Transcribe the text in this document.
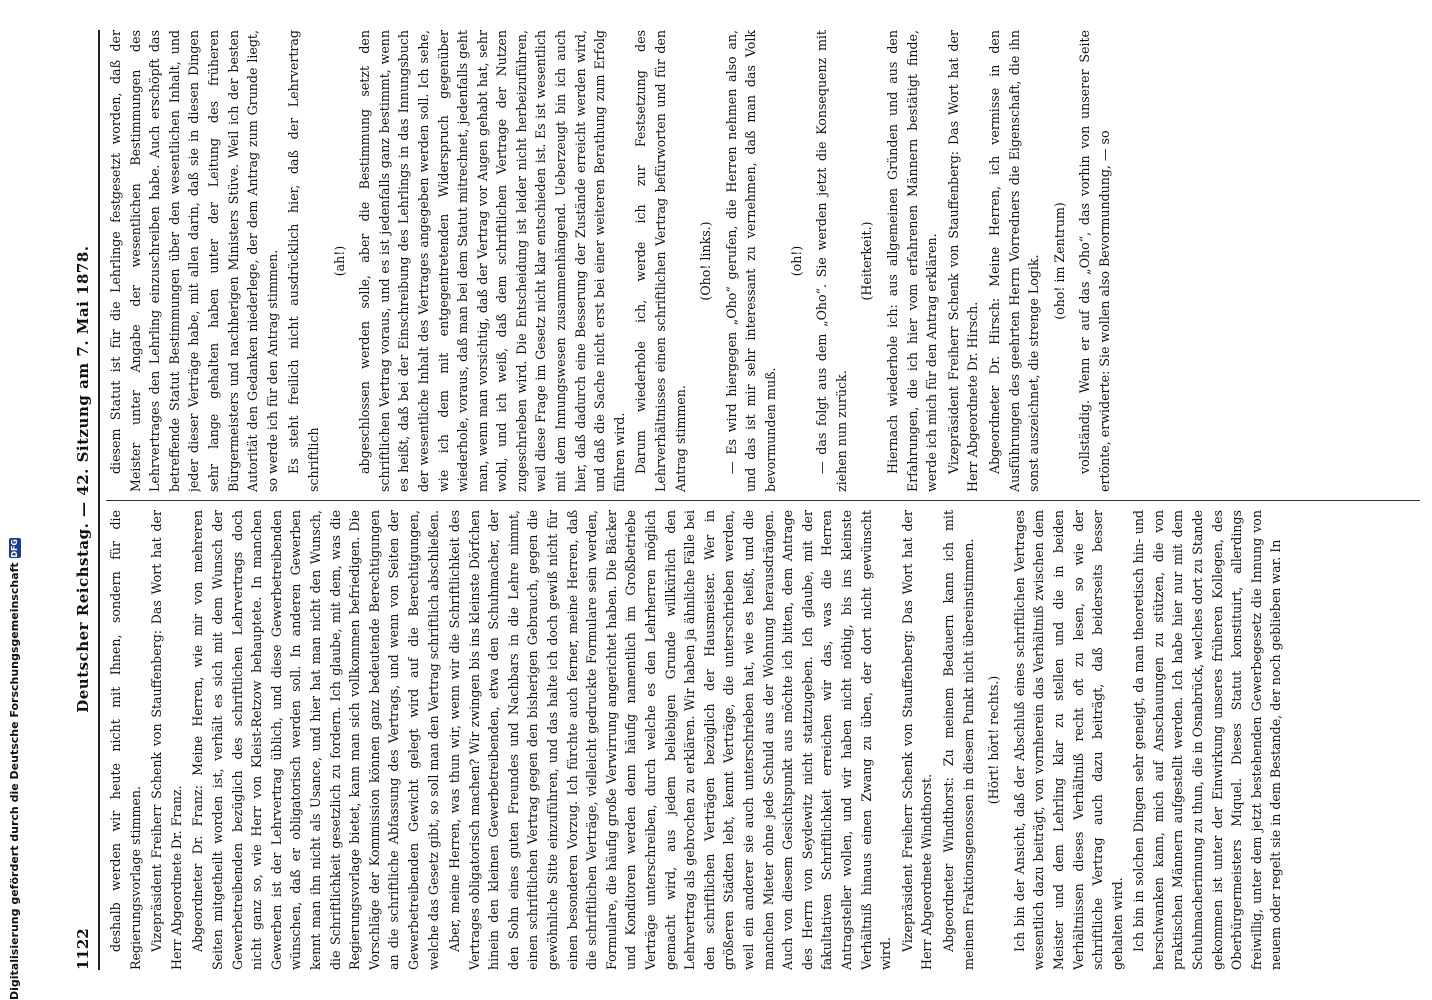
1122
Deutscher Reichstag. — 42. Sitzung am 7. Mai 1878.

deshalb werden wir heute nicht mit Ihnen, sondern für die Regierungsvorlage stimmen. Vizepräsident Freiherr Schenk von Stauffenberg: Das Wort hat der Herr Abgeordnete Dr. Franz. Abgeordneter Dr. Franz: Meine Herren, wie mir von mehreren Seiten mitgetheilt worden ist, verhält es sich mit dem Wunsch der Gewerbetreibenden bezüglich des schriftlichen Lehrvertrags doch nicht ganz so, wie Herr von Kleist-Retzow behauptete. In manchen Gewerben ist der Lehrvertrag üblich, und diese Gewerbetreibenden wünschen, daß er obligatorisch werden soll. In anderen Gewerben kennt man ihn nicht als Usance, und hier hat man nicht den Wunsch, die Schriftlichkeit gesetzlich zu fordern. Ich glaube, mit dem, was die Regierungsvorlage bietet, kann man sich vollkommen befriedigen. Die Vorschläge der Kommission können ganz bedeutende Berechtigungen an die schriftliche Abfassung des Vertrags, und wenn von Seiten der Gewerbetreibenden Gewicht gelegt wird auf die Berechtigungen, welche das Gesetz gibt, so soll man den Vertrag schriftlich abschließen. Aber, meine Herren, was thun wir, wenn wir die Schriftlichkeit des Vertrages obligatorisch machen? Wir zwingen bis ins kleinste Dörfchen hinein den kleinen Gewerbetreibenden, etwa den Schuhmacher, der den Sohn eines guten Freundes und Nachbars in die Lehre nimmt, einen schriftlichen Vertrag gegen den bisherigen Gebrauch, gegen die gewöhnliche Sitte einzuführen, und das halte ich doch gewiß nicht für einen besonderen Vorzug. Ich fürchte auch ferner, meine Herren, daß die schriftlichen Verträge, vielleicht gedruckte Formulare sein werden, Formulare, die häufig große Verwirrung angerichtet haben. Die Bäcker und Konditoren werden denn häufig namentlich im Großbetriebe Verträge unterschreiben, durch welche es den Lehrherren möglich gemacht wird, aus jedem beliebigen Grunde willkürlich den Lehrvertrag als gebrochen zu erklären. Wir haben ja ähnliche Fälle bei den schriftlichen Verträgen bezüglich der Hausmeister. Wer in größeren Städten lebt, kennt Verträge, die unterschrieben werden, weil ein anderer sie auch unterschrieben hat, wie es heißt, und die manchen Mieter ohne jede Schuld aus der Wohnung herausdrängen. Auch von diesem Gesichtspunkt aus möchte ich bitten, dem Antrage des Herrn von Seydewitz nicht stattzugeben. Ich glaube, mit der fakultativen Schriftlichkeit erreichen wir das, was die Herren Antragsteller wollen, und wir haben nicht nöthig, bis ins kleinste Verhältniß hinaus einen Zwang zu üben, der dort nicht gewünscht wird.

Vizepräsident Freiherr Schenk von Stauffenberg: Das Wort hat der Herr Abgeordnete Windthorst. Abgeordneter Windthorst: Zu meinem Bedauern kann ich mit meinem Fraktionsgenossen in diesem Punkt nicht übereinstimmen. (Hört! hört! rechts.) Ich bin der Ansicht, daß der Abschluß eines schriftlichen Vertrages wesentlich dazu beiträgt, von vornherein das Verhältniß zwischen dem Meister und dem Lehrling klar zu stellen und die in beiden Verhältnissen dieses Verhältniß recht oft zu lesen, so wie der schriftliche Vertrag auch dazu beiträgt, daß beiderseits besser gehalten wird. Ich bin in solchen Dingen sehr geneigt, da man theoretisch hin- und herschwanken kann, mich auf Anschauungen zu stützen, die von praktischen Männern aufgestellt werden. Ich habe hier nur mit dem Schuhmacherinnung zu thun, die in Osnabrück, welches dort zu Stande gekommen ist unter der Einwirkung unseres früheren Kollegen, des Oberbürgermeisters Miquel. Dieses Statut konstituirt, allerdings freiwillig, unter dem jetzt bestehenden Gewerbegesetz die Innung von neuem oder regelt sie in dem Bestande, der noch geblieben war. In

diesem Statut ist für die Lehrlinge festgesetzt worden, daß der Meister unter Angabe der wesentlichen Bestimmungen des Lehrvertrages den Lehrling einzuschreiben habe. Auch erschöpft das betreffende Statut Bestimmungen über den wesentlichen Inhalt, und jeder dieser Verträge habe, mit allen darin, daß sie in diesen Dingen sehr lange gehalten haben unter der Leitung des früheren Bürgermeisters und nachherigen Ministers Stüve. Weil ich der besten Autorität den Gedanken niederlege, der dem Antrag zum Grunde liegt, so werde ich für den Antrag stimmen. Es steht freilich nicht ausdrücklich hier, daß der Lehrvertrag schriftlich

(ah!) abgeschlossen werden solle, aber die Bestimmung setzt den schriftlichen Vertrag voraus, und es ist jedenfalls ganz bestimmt, wenn es heißt, daß bei der Einschreibung des Lehrlings in das Innungsbuch der wesentliche Inhalt des Vertrages angegeben werden soll. Ich sehe, wie ich dem mit entgegentretenden Widerspruch gegenüber wiederhole, voraus, daß man bei dem Statut mitrechnet, jedenfalls geht man, wenn man vorsichtig, daß der Vertrag vor Augen gehabt hat, sehr wohl, und ich weiß, daß dem schriftlichen Vertrage der Nutzen zugeschrieben wird. Die Entscheidung ist leider nicht herbeizuführen, weil diese Frage im Gesetz nicht klar entschieden ist. Es ist wesentlich mit dem Innungswesen zusammenhängend. Ueberzeugt bin ich auch hier, daß dadurch eine Besserung der Zustände erreicht werden wird, und daß die Sache nicht erst bei einer weiteren Berathung zum Erfolg führen wird. Darum wiederhole ich, werde ich zur Festsetzung des Lehrverhältnisses einen schriftlichen Vertrag befürworten und für den Antrag stimmen.

(Oho! links.) — Es wird hiergegen „Oho“ gerufen, die Herren nehmen also an, und das ist mir sehr interessant zu vernehmen, daß man das Volk bevormunden muß.

(oh!) — das folgt aus dem „Oho“. Sie werden jetzt die Konsequenz mit ziehen nun zurück.

(Heiterkeit.) Hiernach wiederhole ich: aus allgemeinen Gründen und aus den Erfahrungen, die ich hier vom erfahrenen Männern bestätigt finde, werde ich mich für den Antrag erklären. Vizepräsident Freiherr Schenk von Stauffenberg: Das Wort hat der Herr Abgeordnete Dr. Hirsch. Abgeordneter Dr. Hirsch: Meine Herren, ich vermisse in den Ausführungen des geehrten Herrn Vorredners die Eigenschaft, die ihn sonst auszeichnet, die strenge Logik. (oho! im Zentrum) vollständig. Wenn er auf das „Oho“, das vorhin von unserer Seite ertönte, erwiderte: Sie wollen also Bevormundung, — so

Digitalisierung gefördert durch die Deutsche Forschungsgemeinschaft
DFG
